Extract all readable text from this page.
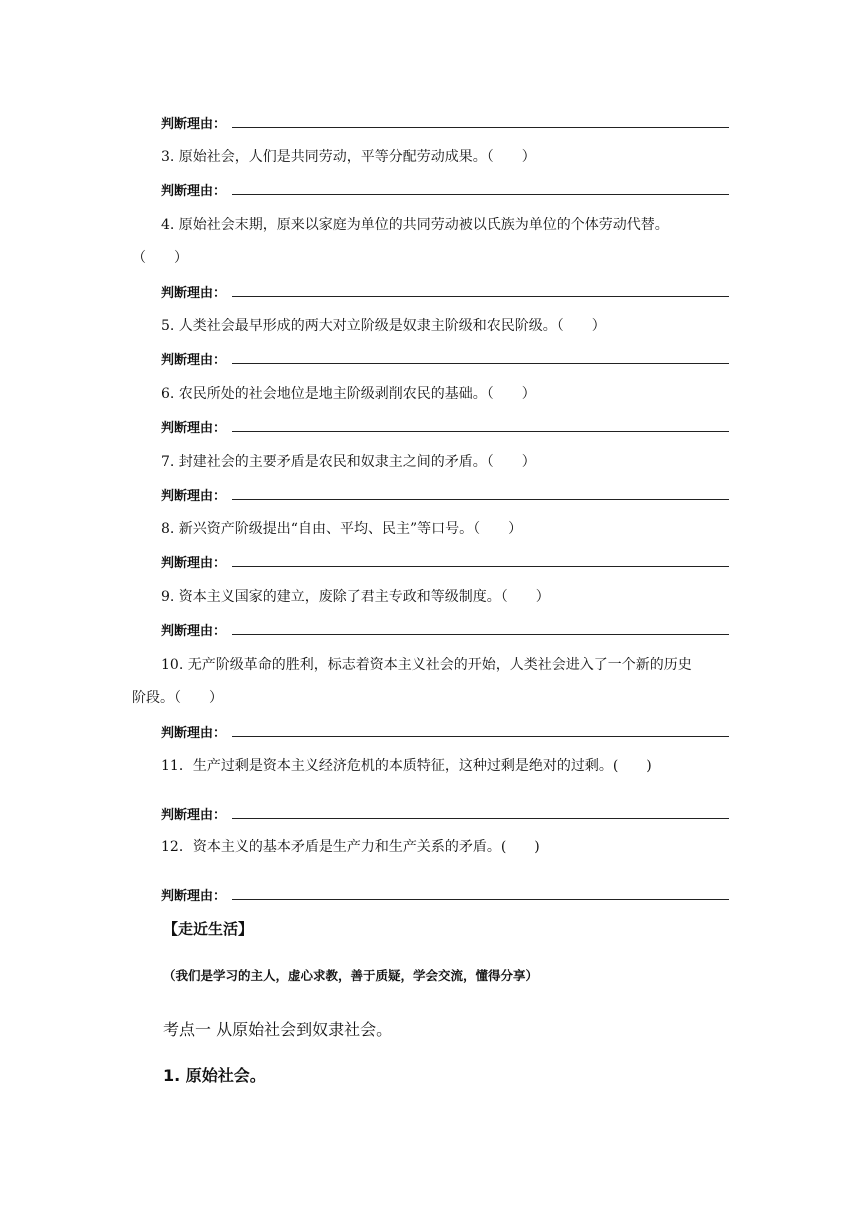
判断理由：
3. 原始社会，人们是共同劳动，平等分配劳动成果。（　　）
判断理由：
4. 原始社会末期，原来以家庭为单位的共同劳动被以氏族为单位的个体劳动代替。
（　　）
判断理由：
5. 人类社会最早形成的两大对立阶级是奴隶主阶级和农民阶级。（　　）
判断理由：
6. 农民所处的社会地位是地主阶级剥削农民的基础。（　　）
判断理由：
7. 封建社会的主要矛盾是农民和奴隶主之间的矛盾。（　　）
判断理由：
8. 新兴资产阶级提出“自由、平均、民主”等口号。（　　）
判断理由：
9. 资本主义国家的建立，废除了君主专政和等级制度。（　　）
判断理由：
10. 无产阶级革命的胜利，标志着资本主义社会的开始，人类社会进入了一个新的历史
阶段。（　　）
判断理由：
11．生产过剩是资本主义经济危机的本质特征，这种过剩是绝对的过剩。(　　)
判断理由：
12．资本主义的基本矛盾是生产力和生产关系的矛盾。(　　)
判断理由：
【走近生活】
（我们是学习的主人，虚心求教，善于质疑，学会交流，懂得分享）
考点一 从原始社会到奴隶社会。
1. 原始社会。
